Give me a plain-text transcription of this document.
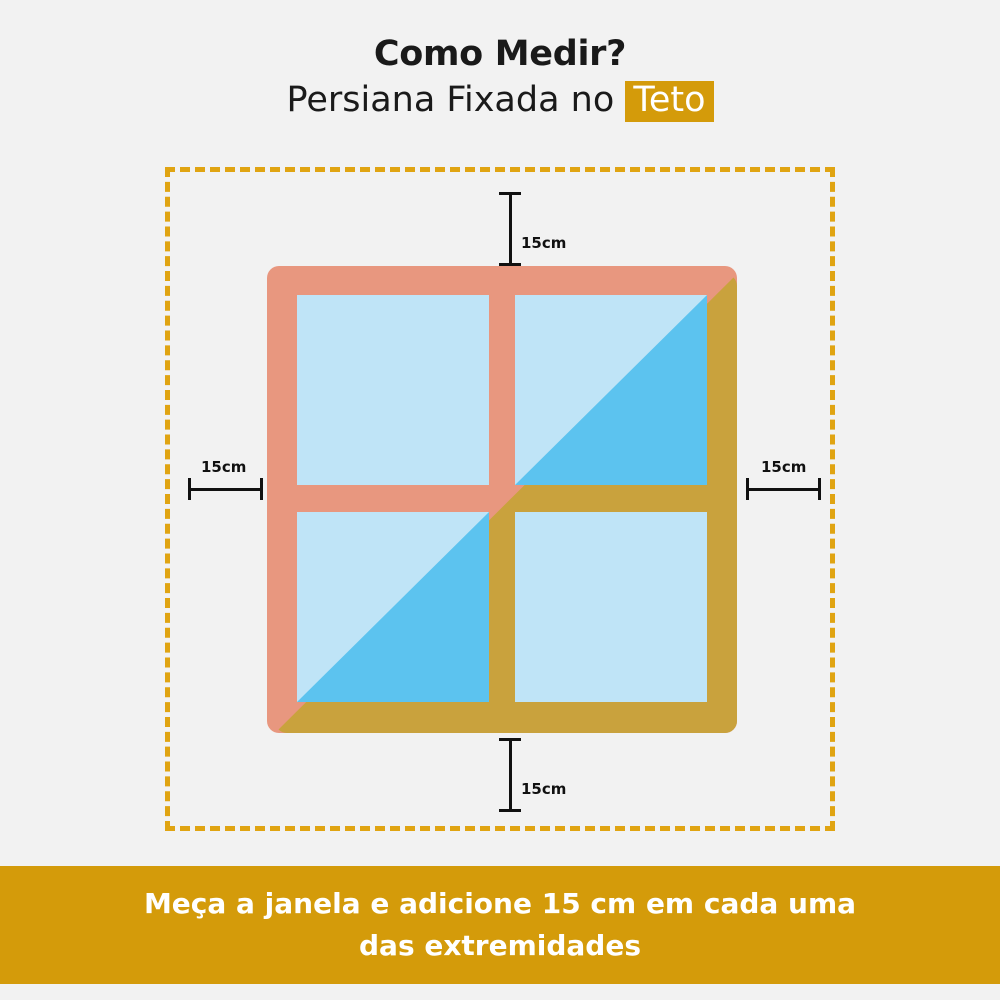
Como Medir?
Persiana Fixada no Teto
15cm
15cm
15cm	15cm
Meça a janela e adicione 15 cm em cada uma
das extremidades
